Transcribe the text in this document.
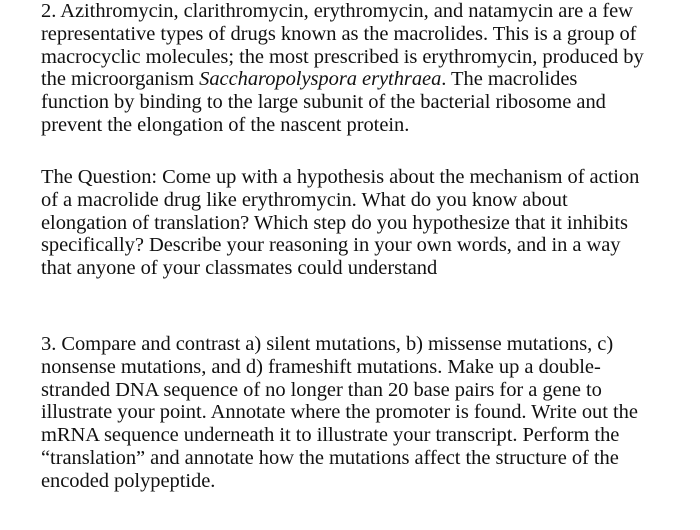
2. Azithromycin, clarithromycin, erythromycin, and natamycin are a few
representative types of drugs known as the macrolides. This is a group of
macrocyclic molecules; the most prescribed is erythromycin, produced by
the microorganism Saccharopolyspora erythraea. The macrolides
function by binding to the large subunit of the bacterial ribosome and
prevent the elongation of the nascent protein.
The Question: Come up with a hypothesis about the mechanism of action
of a macrolide drug like erythromycin. What do you know about
elongation of translation? Which step do you hypothesize that it inhibits
specifically? Describe your reasoning in your own words, and in a way
that anyone of your classmates could understand
3. Compare and contrast a) silent mutations, b) missense mutations, c)
nonsense mutations, and d) frameshift mutations. Make up a double-
stranded DNA sequence of no longer than 20 base pairs for a gene to
illustrate your point. Annotate where the promoter is found. Write out the
mRNA sequence underneath it to illustrate your transcript. Perform the
“translation” and annotate how the mutations affect the structure of the
encoded polypeptide.
